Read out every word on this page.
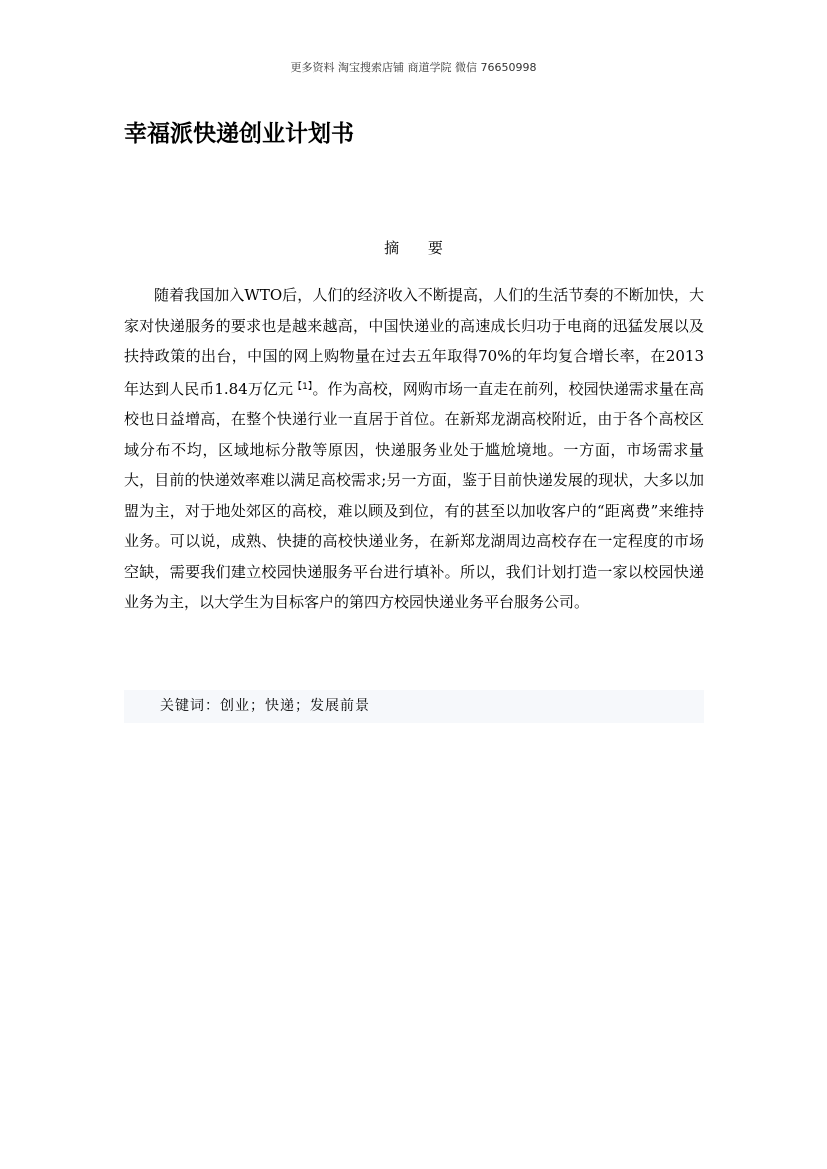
更多资料 淘宝搜索店铺 商道学院 微信 76650998
幸福派快递创业计划书
摘 要

随着我国加入WTO后，人们的经济收入不断提高，人们的生活节奏的不断加快，大家对快递服务的要求也是越来越高，中国快递业的高速成长归功于电商的迅猛发展以及扶持政策的出台，中国的网上购物量在过去五年取得70%的年均复合增长率，在2013年达到人民币1.84万亿元$^{【1】}$。作为高校，网购市场一直走在前列，校园快递需求量在高校也日益增高，在整个快递行业一直居于首位。在新郑龙湖高校附近，由于各个高校区域分布不均，区域地标分散等原因，快递服务业处于尴尬境地。一方面，市场需求量大，目前的快递效率难以满足高校需求;另一方面，鉴于目前快递发展的现状，大多以加盟为主，对于地处郊区的高校，难以顾及到位，有的甚至以加收客户的“距离费”来维持业务。可以说，成熟、快捷的高校快递业务，在新郑龙湖周边高校存在一定程度的市场空缺，需要我们建立校园快递服务平台进行填补。所以，我们计划打造一家以校园快递业务为主，以大学生为目标客户的第四方校园快递业务平台服务公司。

关键词：创业；快递；发展前景
